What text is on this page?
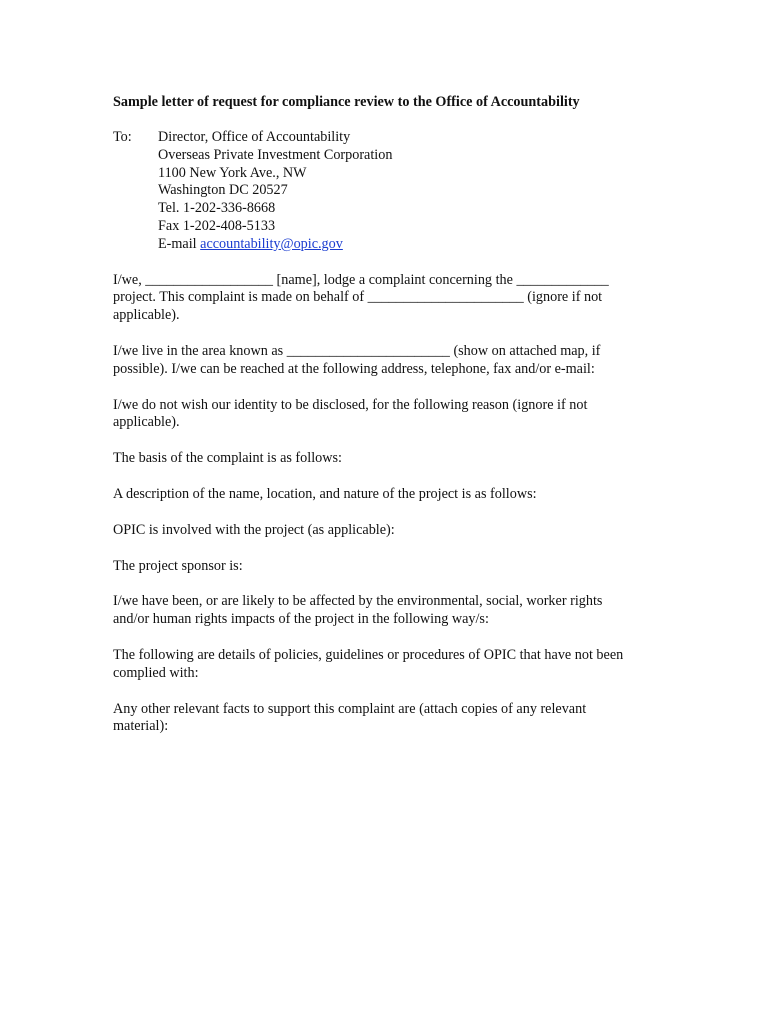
Sample letter of request for compliance review to the Office of Accountability
To: Director, Office of Accountability
Overseas Private Investment Corporation
1100 New York Ave., NW
Washington DC 20527
Tel. 1-202-336-8668
Fax 1-202-408-5133
E-mail accountability@opic.gov

I/we, __________________ [name], lodge a complaint concerning the _____________
project. This complaint is made on behalf of ______________________ (ignore if not
applicable).

I/we live in the area known as _______________________ (show on attached map, if
possible). I/we can be reached at the following address, telephone, fax and/or e-mail:

I/we do not wish our identity to be disclosed, for the following reason (ignore if not
applicable).

The basis of the complaint is as follows:

A description of the name, location, and nature of the project is as follows:

OPIC is involved with the project (as applicable):

The project sponsor is:

I/we have been, or are likely to be affected by the environmental, social, worker rights
and/or human rights impacts of the project in the following way/s:

The following are details of policies, guidelines or procedures of OPIC that have not been
complied with:

Any other relevant facts to support this complaint are (attach copies of any relevant
material):
